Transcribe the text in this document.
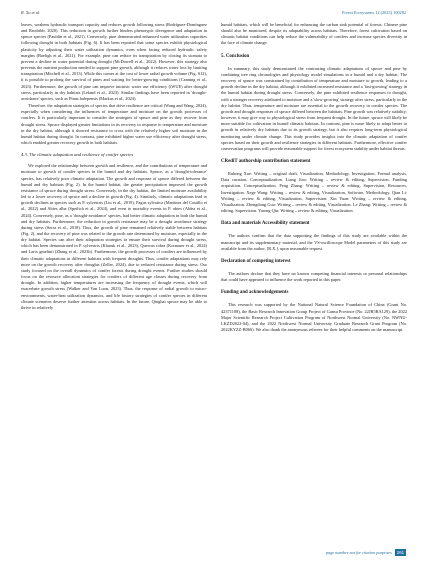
R. Xu et al.	Forest Ecosystems 12 (2025) 100282

leaves, weakens hydraulic transport capacity and reduces growth following stress (Rodríguez-Domínguez and Brodribb, 2020). This reduction in growth further hinders phenotypic divergence and adaptation in spruce species (Pauldin et al., 2021). Conversely, pine demonstrated enhanced water utilization capacities following drought in both habitats (Fig. 6). It has been reported that some species exhibit physiological plasticity by adjusting their water utilization dynamics, even when facing reduced hydraulic safety margins (Baeligh et al., 2021). For example, pine can reduce its transpiration by closing its stomata to prevent a decline in water potential during drought (McDowell et al., 2022). However, this strategy also prevents the nutrient production needed to support pine growth, although it reduces water loss by limiting transpiration (Mitchell et al., 2013). While this comes at the cost of lower radial growth volume (Fig. S12), it is possible to prolong the survival of pines and waiting for better-growing conditions (Canning et al., 2023). Furthermore, the growth of pine can improve intrinsic water use efficiency (iWUE) after drought stress, particularly in dry habitats (Leland et al., 2023). Similar findings have been reported in 'drought-avoidance' species, such as Pinus halepensis (Markus et al., 2024).

Therefore, the adaptation strategies of species that drive resilience are critical (Wang and Wang, 2024), especially when considering the influences of temperature and moisture on the growth processes of conifers. It is particularly important to consider the strategies of spruce and pine as they recover from drought stress. Spruce displayed greater limitations in its recovery in response to temperature and moisture in the dry habitat, although it showed resistance to cross with the relatively higher soil moisture in the humid habitat during drought. In contrast, pine exhibited higher water use efficiency after drought stress, which enabled greater recovery growth in both habitats.

4.3. The climatic adaptation and resilience of conifer species

We explored the relationship between growth and resilience, and the contributions of temperature and moisture to growth of conifer species in the humid and dry habitats. Spruce, as a 'drought-tolerance' species, has relatively poor climatic adaptation. The growth and response of spruce differed between the humid and dry habitats (Fig. 2). In the humid habitat, the greater precipitation improved the growth resistance of spruce during drought stress. Conversely, in the dry habitat, the limited moisture availability led to a lower recovery of spruce and a decline in growth (Fig. 4). Similarly, climatic adaptations lead to growth declines in species such as P. sylvestris (Liu et al., 2019), Fagus sylvatica (Martínez del Castillo et al., 2022) and Abies alba (Spetlich et al., 2024), and even to mortality events in P. abies (Aldea et al., 2024). Conversely, pine, as a 'drought-avoidance' species, had better climatic adaptation in both the humid and dry habitats. Furthermore, the reduction in growth resistance may be a drought avoidance strategy during stress (Serra et al., 2018). Thus, the growth of pine remained relatively stable between habitats (Fig. 2), and the recovery of pine was related to the growth rate determined by moisture, especially in the dry habitat. Species can alter their adaptation strategies to ensure their survival during drought stress, which has been demonstrated in P. sylvestris (Kharuk et al., 2023), Quercus robra (Kornauer et al., 2024) and Larix gmelinii (Zhang et al., 2023b). Furthermore, the growth processes of conifers are influenced by their climatic adaptations in different habitats with frequent droughts. Thus, conifer adaptations may rely more on the growth recovery after droughts (Zeller, 2024), due to reduced resistance during stress. Our study focused on the overall dynamics of conifer forests during drought events. Further studies should focus on the resource allocation strategies for conifers of different age classes during recovery from drought. In addition, higher temperatures are increasing the frequency of drought events, which will exacerbate growth stress (Walker and Van Loon, 2023). Thus, the response of radial growth to micro-environments, water-heat utilization dynamics, and life history strategies of conifer species in different climate scenarios deserve further attention across habitats. In the future, Qinghai spruce may be able to thrive in relatively

humid habitats, which will be beneficial for enhancing the carbon sink potential of forests. Chinese pine should also be monitored, despite its adaptability across habitats. Therefore, forest cultivation based on climatic habitat conditions can help reduce the vulnerability of conifers and increase species diversity in the face of climate change.

5. Conclusion

In summary, this study demonstrated the contrasting climatic adaptations of spruce and pine by combining tree ring chronologies and physiology model simulations in a humid and a dry habitat. The recovery of spruce was constrained by contribution of temperature and moisture to growth, leading to a growth decline in the dry habitat, although it exhibited increased resistance and a 'fast-growing' strategy in the humid habitat during drought stress. Conversely, the pine exhibited resilience responses to drought, with a stronger recovery attributed to moisture and a 'slow-growing' strategy after stress, particularly in the dry habitat. Thus, temperature and moisture are essential to the growth recovery in conifer species. The growth and drought responses of spruce differed between the habitats. Pine growth was relatively stability; however, it may give way to physiological stress from frequent drought. In the future, spruce will likely be more suitable for cultivation in humid climatic habitats. In contrast, pine is more likely to adapt better to growth in relatively dry habitats due to its growth strategy, but it also requires long-term physiological monitoring under climate change. This study provides insights into the climatic adaptation of conifer species based on their growth and resilience strategies in different habitats. Furthermore, effective conifer conservation programs will provide reasonable support for forest ecosystem stability under habitat threats.

CRediT authorship contribution statement

Ruhong Xue: Writing – original draft, Visualization, Methodology, Investigation, Formal analysis, Data curation, Conceptualization. Liang Jiao: Writing – review & editing, Supervision, Funding acquisition, Conceptualization. Peng Zhang: Writing – review & editing, Supervision, Resources, Investigation. Xege Wang: Writing – review & editing, Visualization, Software, Methodology. Qian Li: Writing – review & editing, Visualization, Supervision. Xin Yuan: Writing – review & editing, Visualization. Zhengdong Guo: Writing – review & editing, Visualization. Le Zhang: Writing – review & editing, Supervision. Yarong Qin: Writing – review & editing, Visualization.

Data and materials Accessibility statement

The authors confirm that the data supporting the findings of this study are available within the manuscript and its supplementary material, and the VS-oscilloscope Model parameters of this study are available from the author, [R.X.], upon reasonable request.

Declaration of competing interest

The authors declare that they have no known competing financial interests or personal relationships that could have appeared to influence the work reported in this paper.

Funding and acknowledgements

This research was supported by the National Natural Science Foundation of China (Grant No. 42371108), the Basic Research Innovation Group Project of Gansu Province (No. 22JR5RA129), the 2022 Major Scientific Research Project Cultivation Program of Northwest Normal University (No. NWNU-LKZD2022-04), and the 2022 Northwest Normal University Graduate Research Grant Program (No. 2022KYZZ-B066). We also thank the anonymous referees for their helpful comments on the manuscript.

page number not for citation purposes	261
